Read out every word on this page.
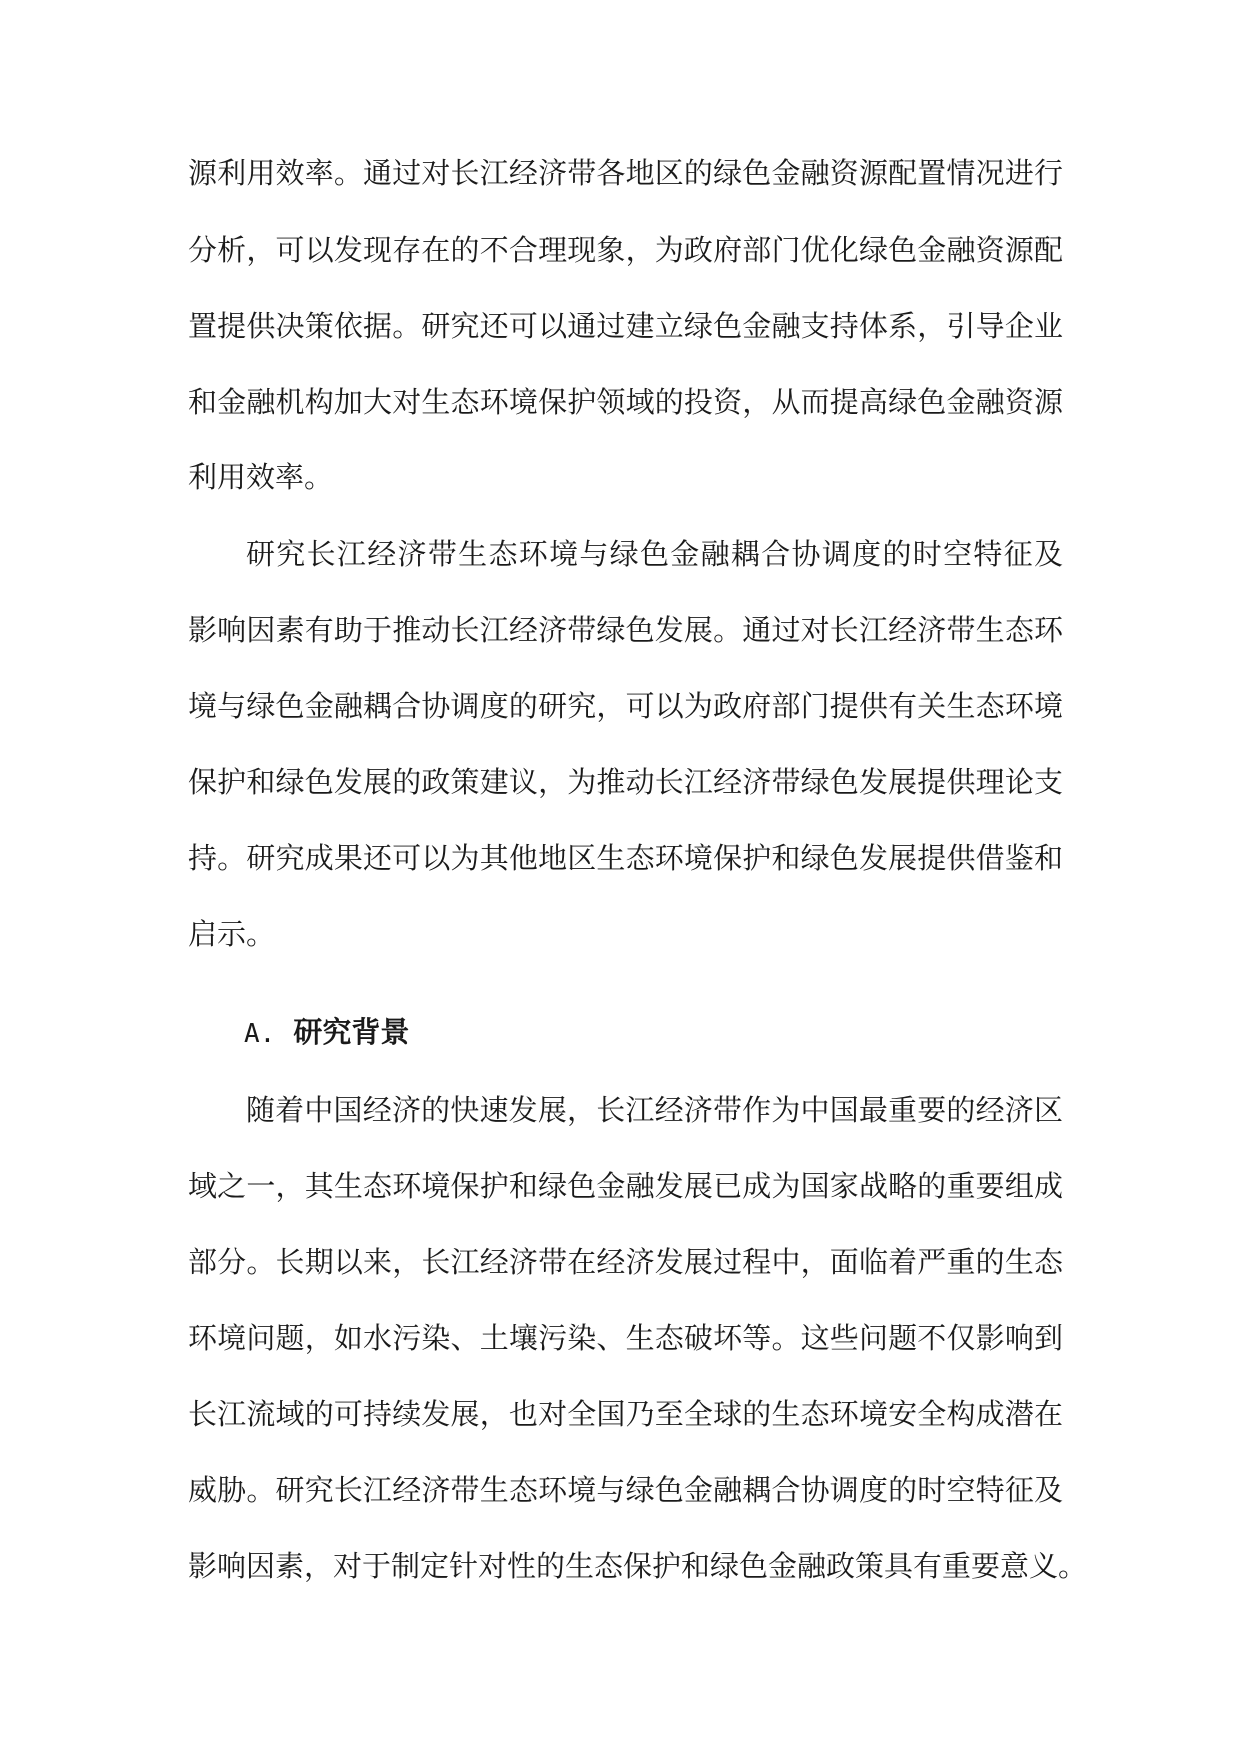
源利用效率。通过对长江经济带各地区的绿色金融资源配置情况进行
分析，可以发现存在的不合理现象，为政府部门优化绿色金融资源配
置提供决策依据。研究还可以通过建立绿色金融支持体系，引导企业
和金融机构加大对生态环境保护领域的投资，从而提高绿色金融资源
利用效率。
研究长江经济带生态环境与绿色金融耦合协调度的时空特征及
影响因素有助于推动长江经济带绿色发展。通过对长江经济带生态环
境与绿色金融耦合协调度的研究，可以为政府部门提供有关生态环境
保护和绿色发展的政策建议，为推动长江经济带绿色发展提供理论支
持。研究成果还可以为其他地区生态环境保护和绿色发展提供借鉴和
启示。
A. 研究背景
随着中国经济的快速发展，长江经济带作为中国最重要的经济区
域之一，其生态环境保护和绿色金融发展已成为国家战略的重要组成
部分。长期以来，长江经济带在经济发展过程中，面临着严重的生态
环境问题，如水污染、土壤污染、生态破坏等。这些问题不仅影响到
长江流域的可持续发展，也对全国乃至全球的生态环境安全构成潜在
威胁。研究长江经济带生态环境与绿色金融耦合协调度的时空特征及
影响因素，对于制定针对性的生态保护和绿色金融政策具有重要意义。
